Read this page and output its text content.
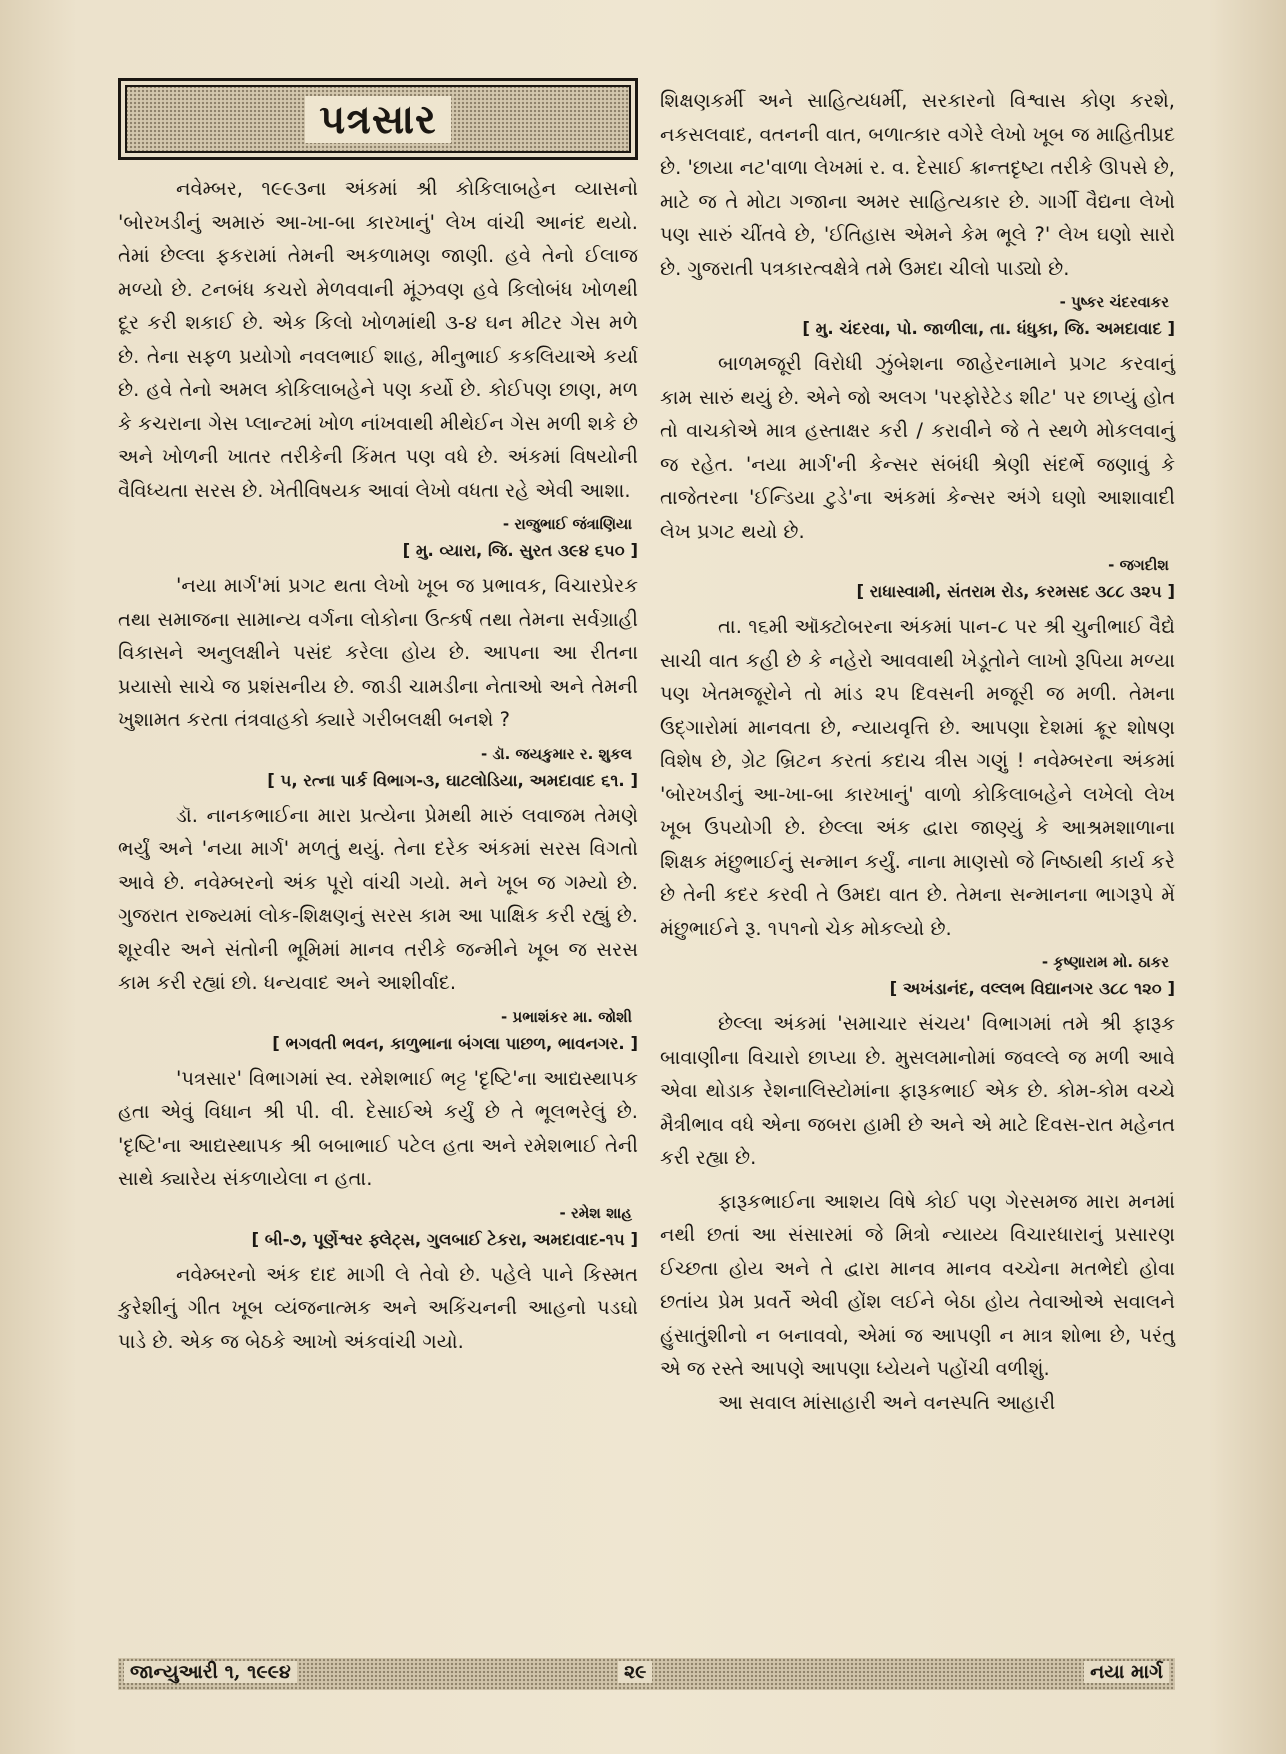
પત્રસાર

નવેમ્બર, ૧૯૯૩ના અંકમાં શ્રી કોકિલાબહેન વ્યાસનો 'બોરખડીનું અમારું આ-ખા-બા કારખાનું' લેખ વાંચી આનંદ થયો. તેમાં છેલ્લા ફકરામાં તેમની અકળામણ જાણી. હવે તેનો ઈલાજ મળ્યો છે. ટનબંધ કચરો મેળવવાની મૂંઝવણ હવે કિલોબંધ ખોળથી દૂર કરી શકાઈ છે. એક કિલો ખોળમાંથી ૩-૪ ઘન મીટર ગેસ મળે છે. તેના સફળ પ્રયોગો નવલભાઈ શાહ, મીનુભાઈ કકલિયાએ કર્યા છે. હવે તેનો અમલ કોકિલાબહેને પણ કર્યો છે. કોઈપણ છાણ, મળ કે કચરાના ગેસ પ્લાન્ટમાં ખોળ નાંખવાથી મીથેઈન ગેસ મળી શકે છે અને ખોળની ખાતર તરીકેની કિંમત પણ વધે છે. અંકમાં વિષયોની વૈવિધ્યતા સરસ છે. ખેતીવિષયક આવાં લેખો વધતા રહે એવી આશા.

- રાજુભાઈ જંત્રાણિયા
[ મુ. વ્યારા, જિ. સુરત ૩૯૪ ૬૫૦ ]

'નયા માર્ગ'માં પ્રગટ થતા લેખો ખૂબ જ પ્રભાવક, વિચારપ્રેરક તથા સમાજના સામાન્ય વર્ગના લોકોના ઉત્કર્ષ તથા તેમના સર્વગ્રાહી વિકાસને અનુલક્ષીને પસંદ કરેલા હોય છે. આપના આ રીતના પ્રયાસો સાચે જ પ્રશંસનીય છે. જાડી ચામડીના નેતાઓ અને તેમની ખુશામત કરતા તંત્રવાહકો ક્યારે ગરીબલક્ષી બનશે ?

- ડૉ. જયકુમાર ર. શુકલ
[ ૫, રત્ના પાર્ક વિભાગ-૩, ઘાટલોડિયા, અમદાવાદ ૬૧. ]

ડૉ. નાનકભાઈના મારા પ્રત્યેના પ્રેમથી મારું લવાજમ તેમણે ભર્યું અને 'નયા માર્ગ' મળતું થયું. તેના દરેક અંકમાં સરસ વિગતો આવે છે. નવેમ્બરનો અંક પૂરો વાંચી ગયો. મને ખૂબ જ ગમ્યો છે. ગુજરાત રાજ્યમાં લોક-શિક્ષણનું સરસ કામ આ પાક્ષિક કરી રહ્યું છે. શૂરવીર અને સંતોની ભૂમિમાં માનવ તરીકે જન્મીને ખૂબ જ સરસ કામ કરી રહ્યાં છો. ધન્યવાદ અને આશીર્વાદ.

- પ્રભાશંકર મા. જોશી
[ ભગવતી ભવન, કાળુભાના બંગલા પાછળ, ભાવનગર. ]

'પત્રસાર' વિભાગમાં સ્વ. રમેશભાઈ ભટ્ટ 'દૃષ્ટિ'ના આદ્યસ્થાપક હતા એવું વિધાન શ્રી પી. વી. દેસાઈએ કર્યું છે તે ભૂલભરેલું છે. 'દૃષ્ટિ'ના આદ્યસ્થાપક શ્રી બબાભાઈ પટેલ હતા અને રમેશભાઈ તેની સાથે ક્યારેય સંકળાયેલા ન હતા.

- રમેશ શાહ
[ બી-૭, પૂર્ણેશ્વર ફ્લેટ્સ, ગુલબાઈ ટેકરા, અમદાવાદ-૧૫ ]

નવેમ્બરનો અંક દાદ માગી લે તેવો છે. પહેલે પાને કિસ્મત કુરેશીનું ગીત ખૂબ વ્યંજનાત્મક અને અકિંચનની આહનો પડઘો પાડે છે. એક જ બેઠકે આખો અંકવાંચી ગયો.

શિક્ષણકર્મી અને સાહિત્યધર્મી, સરકારનો વિશ્વાસ કોણ કરશે, નકસલવાદ, વતનની વાત, બળાત્કાર વગેરે લેખો ખૂબ જ માહિતીપ્રદ છે. 'છાયા નટ'વાળા લેખમાં ર. વ. દેસાઈ ક્રાન્તદૃષ્ટા તરીકે ઊપસે છે, માટે જ તે મોટા ગજાના અમર સાહિત્યકાર છે. ગાર્ગી વૈદ્યના લેખો પણ સારું ચીંતવે છે, 'ઈતિહાસ એમને કેમ ભૂલે ?' લેખ ઘણો સારો છે. ગુજરાતી પત્રકારત્વક્ષેત્રે તમે ઉમદા ચીલો પાડ્યો છે.

- પુષ્કર ચંદરવાકર
[ મુ. ચંદરવા, પો. જાળીલા, તા. ધંધુકા, જિ. અમદાવાદ ]

બાળમજૂરી વિરોધી ઝુંબેશના જાહેરનામાને પ્રગટ કરવાનું કામ સારું થયું છે. એને જો અલગ 'પરફોરેટેડ શીટ' પર છાપ્યું હોત તો વાચકોએ માત્ર હસ્તાક્ષર કરી / કરાવીને જે તે સ્થળે મોકલવાનું જ રહેત. 'નયા માર્ગ'ની કેન્સર સંબંધી શ્રેણી સંદર્ભે જણાવું કે તાજેતરના 'ઈન્ડિયા ટુડે'ના અંકમાં કેન્સર અંગે ઘણો આશાવાદી લેખ પ્રગટ થયો છે.

- જગદીશ
[ રાધાસ્વામી, સંતરામ રોડ, કરમસદ ૩૮૮ ૩૨૫ ]

તા. ૧૬મી ઑક્ટોબરના અંકમાં પાન-૮ પર શ્રી ચુનીભાઈ વૈદ્યે સાચી વાત કહી છે કે નહેરો આવવાથી ખેડૂતોને લાખો રૂપિયા મળ્યા પણ ખેતમજૂરોને તો માંડ ૨૫ દિવસની મજૂરી જ મળી. તેમના ઉદ્ગારોમાં માનવતા છે, ન્યાયવૃત્તિ છે. આપણા દેશમાં ક્રૂર શોષણ વિશેષ છે, ગ્રેટ બ્રિટન કરતાં કદાચ ત્રીસ ગણું ! નવેમ્બરના અંકમાં 'બોરખડીનું આ-ખા-બા કારખાનું' વાળો કોકિલાબહેને લખેલો લેખ ખૂબ ઉપયોગી છે. છેલ્લા અંક દ્વારા જાણ્યું કે આશ્રમશાળાના શિક્ષક મંછુભાઈનું સન્માન કર્યું. નાના માણસો જે નિષ્ઠાથી કાર્ય કરે છે તેની કદર કરવી તે ઉમદા વાત છે. તેમના સન્માનના ભાગરૂપે મેં મંછુભાઈને રૂ. ૧૫૧નો ચેક મોકલ્યો છે.

- કૃષ્ણારામ મો. ઠાકર
[ અખંડાનંદ, વલ્લભ વિદ્યાનગર ૩૮૮ ૧૨૦ ]

છેલ્લા અંકમાં 'સમાચાર સંચય' વિભાગમાં તમે શ્રી ફારૂક બાવાણીના વિચારો છાપ્યા છે. મુસલમાનોમાં જવલ્લે જ મળી આવે એવા થોડાક રેશનાલિસ્ટોમાંના ફારૂકભાઈ એક છે. કોમ-કોમ વચ્ચે મૈત્રીભાવ વધે એના જબરા હામી છે અને એ માટે દિવસ-રાત મહેનત કરી રહ્યા છે.

ફારૂકભાઈના આશય વિષે કોઈ પણ ગેરસમજ મારા મનમાં નથી છતાં આ સંસારમાં જે મિત્રો ન્યાય્ય વિચારધારાનું પ્રસારણ ઈચ્છતા હોય અને તે દ્વારા માનવ માનવ વચ્ચેના મતભેદો હોવા છતાંય પ્રેમ પ્રવર્તે એવી હોંશ લઈને બેઠા હોય તેવાઓએ સવાલને હુંસાતુંશીનો ન બનાવવો, એમાં જ આપણી ન માત્ર શોભા છે, પરંતુ એ જ રસ્તે આપણે આપણા ધ્યેયને પહોંચી વળીશું.

આ સવાલ માંસાહારી અને વનસ્પતિ આહારી

જાન્યુઆરી ૧, ૧૯૯૪	૨૯	નયા માર્ગ
